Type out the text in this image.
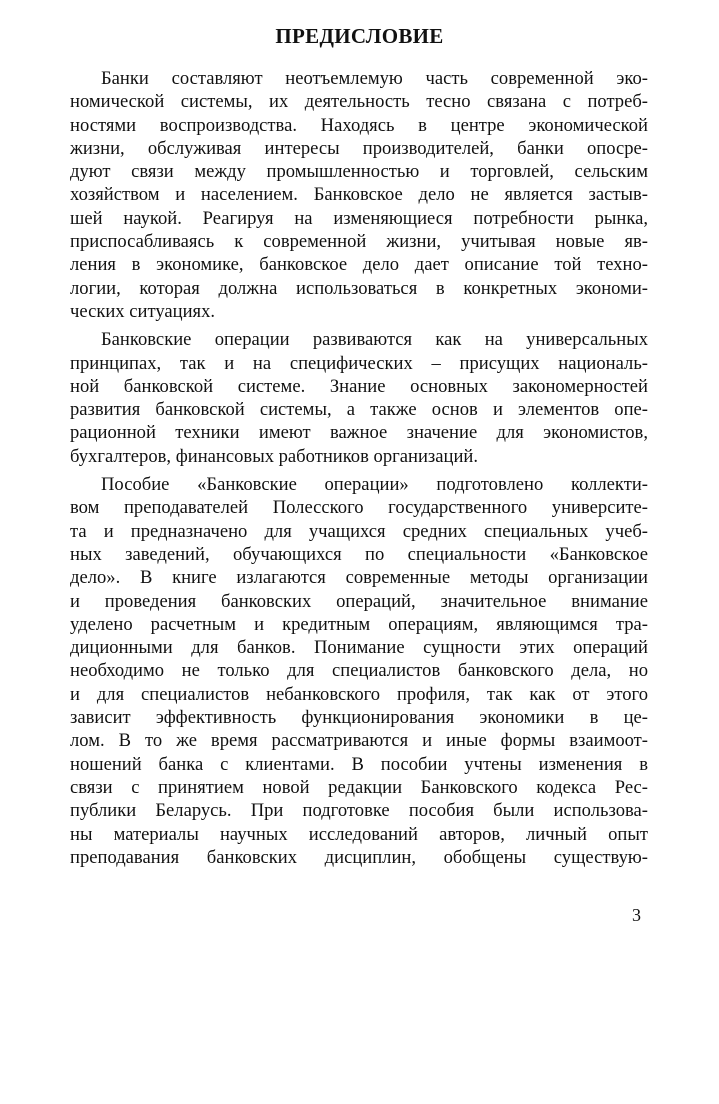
ПРЕДИСЛОВИЕ

Банки составляют неотъемлемую часть современной эко-
номической системы, их деятельность тесно связана с потреб-
ностями воспроизводства. Находясь в центре экономической
жизни, обслуживая интересы производителей, банки опосре-
дуют связи между промышленностью и торговлей, сельским
хозяйством и населением. Банковское дело не является застыв-
шей наукой. Реагируя на изменяющиеся потребности рынка,
приспосабливаясь к современной жизни, учитывая новые яв-
ления в экономике, банковское дело дает описание той техно-
логии, которая должна использоваться в конкретных экономи-
ческих ситуациях.

Банковские операции развиваются как на универсальных
принципах, так и на специфических – присущих националь-
ной банковской системе. Знание основных закономерностей
развития банковской системы, а также основ и элементов опе-
рационной техники имеют важное значение для экономистов,
бухгалтеров, финансовых работников организаций.

Пособие «Банковские операции» подготовлено коллекти-
вом преподавателей Полесского государственного университе-
та и предназначено для учащихся средних специальных учеб-
ных заведений, обучающихся по специальности «Банковское
дело». В книге излагаются современные методы организации
и проведения банковских операций, значительное внимание
уделено расчетным и кредитным операциям, являющимся тра-
диционными для банков. Понимание сущности этих операций
необходимо не только для специалистов банковского дела, но
и для специалистов небанковского профиля, так как от этого
зависит эффективность функционирования экономики в це-
лом. В то же время рассматриваются и иные формы взаимоот-
ношений банка с клиентами. В пособии учтены изменения в
связи с принятием новой редакции Банковского кодекса Рес-
публики Беларусь. При подготовке пособия были использова-
ны материалы научных исследований авторов, личный опыт
преподавания банковских дисциплин, обобщены существую-

3
